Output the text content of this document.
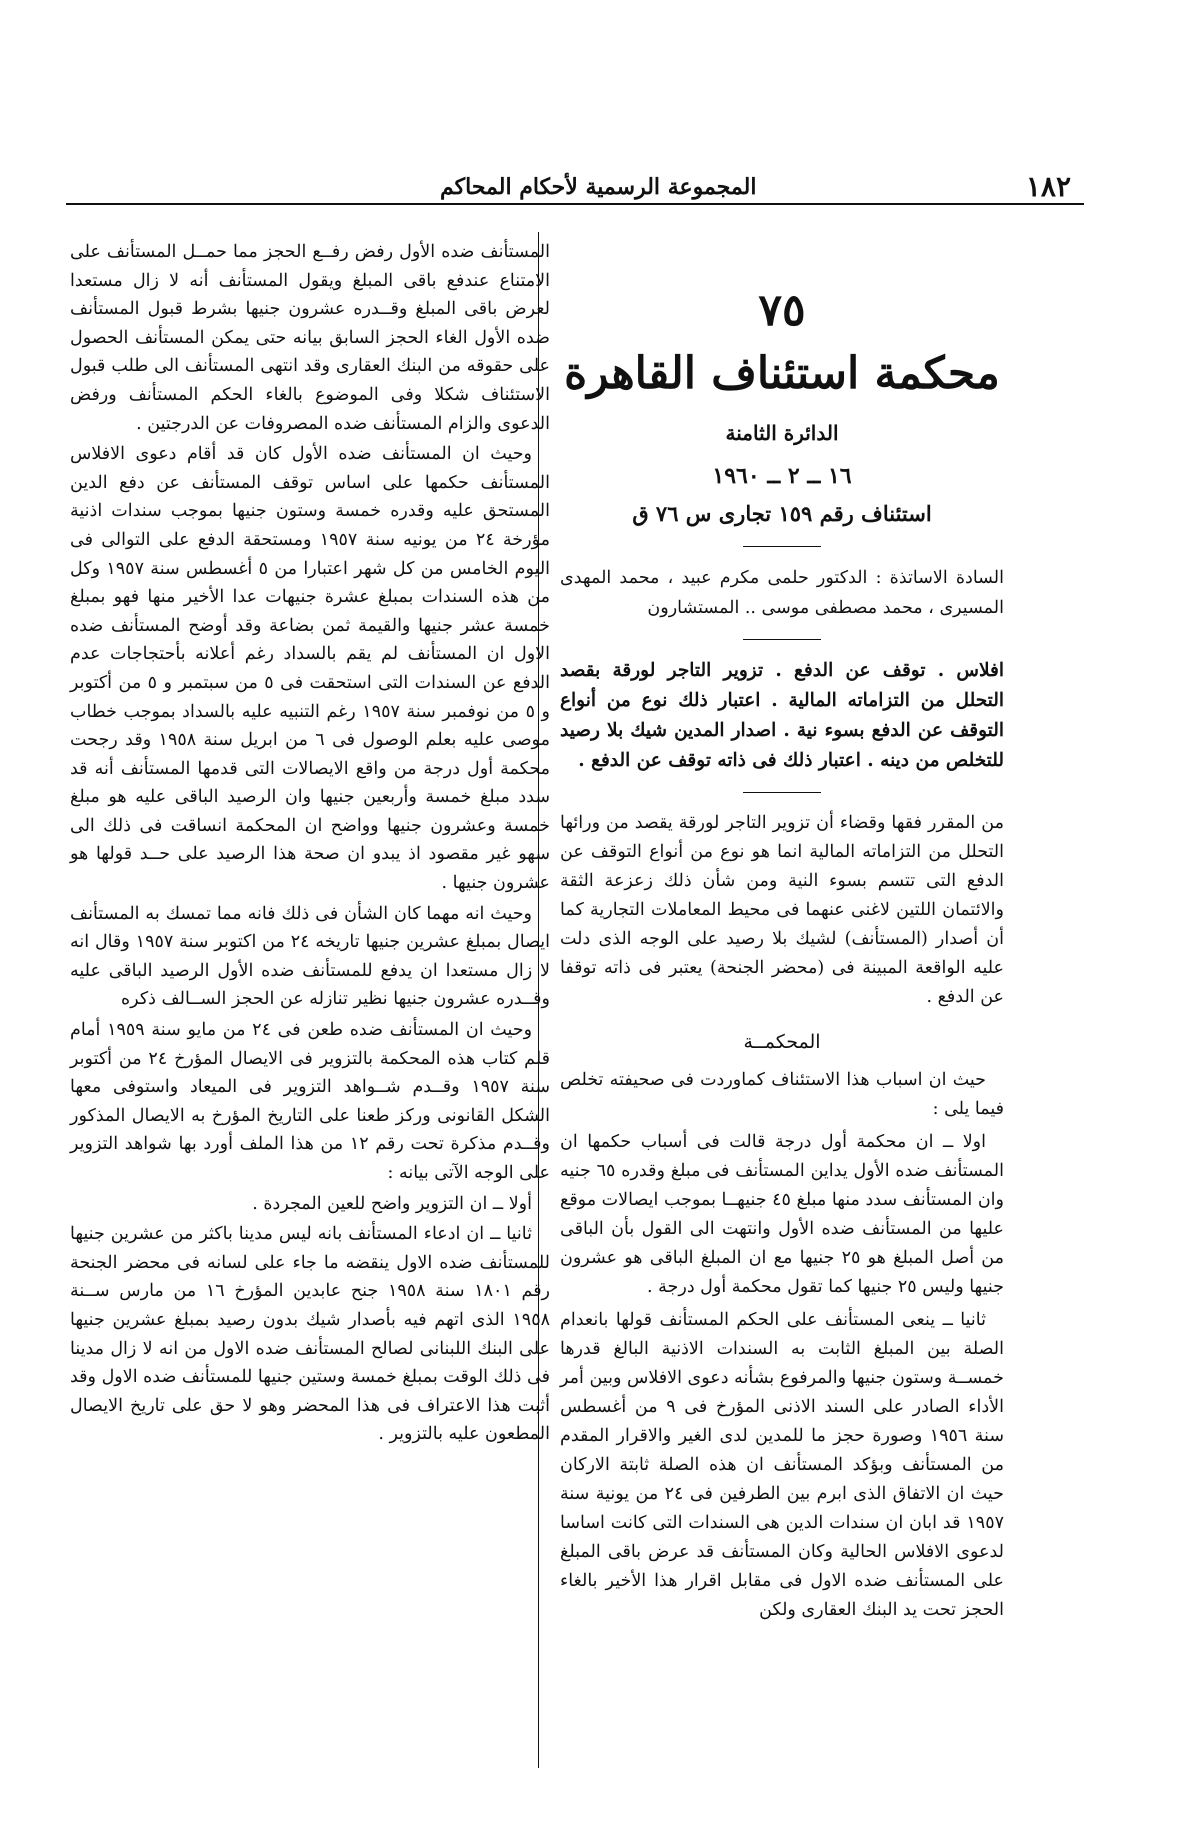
١٨٢
المجموعة الرسمية لأحكام المحاكم
٧٥
محكمة استئناف القاهرة
الدائرة الثامنة
١٦ ــ ٢ ــ ١٩٦٠
استئناف رقم ١٥٩ تجارى س ٧٦ ق
السادة الاساتذة : الدكتور حلمى مكرم عبيد ، محمد المهدى المسيرى ، محمد مصطفى موسى .. المستشارون
افلاس . توقف عن الدفع . تزوير التاجر لورقة بقصد التحلل من التزاماته المالية . اعتبار ذلك نوع من أنواع التوقف عن الدفع بسوء نية . اصدار المدين شيك بلا رصيد للتخلص من دينه . اعتبار ذلك فى ذاته توقف عن الدفع .
من المقرر فقها وقضاء أن تزوير التاجر لورقة يقصد من ورائها التحلل من التزاماته المالية انما هو نوع من أنواع التوقف عن الدفع التى تتسم بسوء النية ومن شأن ذلك زعزعة الثقة والائتمان اللتين لاغنى عنهما فى محيط المعاملات التجارية كما أن أصدار (المستأنف) لشيك بلا رصيد على الوجه الذى دلت عليه الواقعة المبينة فى (محضر الجنحة) يعتبر فى ذاته توقفا عن الدفع .
المحكمــة

حيث ان اسباب هذا الاستئناف كماوردت فى صحيفته تخلص فيما يلى :

اولا ــ ان محكمة أول درجة قالت فى أسباب حكمها ان المستأنف ضده الأول يداين المستأنف فى مبلغ وقدره ٦٥ جنيه وان المستأنف سدد منها مبلغ ٤٥ جنيهــا بموجب ايصالات موقع عليها من المستأنف ضده الأول وانتهت الى القول بأن الباقى من أصل المبلغ هو ٢٥ جنيها مع ان المبلغ الباقى هو عشرون جنيها وليس ٢٥ جنيها كما تقول محكمة أول درجة .

ثانيا ــ ينعى المستأنف على الحكم المستأنف قولها بانعدام الصلة بين المبلغ الثابت به السندات الاذنية البالغ قدرها خمســة وستون جنيها والمرفوع بشأنه دعوى الافلاس وبين أمر الأداء الصادر على السند الاذنى المؤرخ فى ٩ من أغسطس سنة ١٩٥٦ وصورة حجز ما للمدين لدى الغير والاقرار المقدم من المستأنف وبؤكد المستأنف ان هذه الصلة ثابتة الاركان حيث ان الاتفاق الذى ابرم بين الطرفين فى ٢٤ من يونية سنة ١٩٥٧ قد ابان ان سندات الدين هى السندات التى كانت اساسا لدعوى الافلاس الحالية وكان المستأنف قد عرض باقى المبلغ على المستأنف ضده الاول فى مقابل اقرار هذا الأخير بالغاء الحجز تحت يد البنك العقارى ولكن

المستأنف ضده الأول رفض رفــع الحجز مما حمــل المستأنف على الامتناع عندفع باقى المبلغ ويقول المستأنف أنه لا زال مستعدا لعرض باقى المبلغ وقــدره عشرون جنيها بشرط قبول المستأنف ضده الأول الغاء الحجز السابق بيانه حتى يمكن المستأنف الحصول على حقوقه من البنك العقارى وقد انتهى المستأنف الى طلب قبول الاستئناف شكلا وفى الموضوع بالغاء الحكم المستأنف ورفض الدعوى والزام المستأنف ضده المصروفات عن الدرجتين .

وحيث ان المستأنف ضده الأول كان قد أقام دعوى الافلاس المستأنف حكمها على اساس توقف المستأنف عن دفع الدين المستحق عليه وقدره خمسة وستون جنيها بموجب سندات اذنية مؤرخة ٢٤ من يونيه سنة ١٩٥٧ ومستحقة الدفع على التوالى فى اليوم الخامس من كل شهر اعتبارا من ٥ أغسطس سنة ١٩٥٧ وكل من هذه السندات بمبلغ عشرة جنيهات عدا الأخير منها فهو بمبلغ خمسة عشر جنيها والقيمة ثمن بضاعة وقد أوضح المستأنف ضده الاول ان المستأنف لم يقم بالسداد رغم أعلانه بأحتجاجات عدم الدفع عن السندات التى استحقت فى ٥ من سبتمبر و ٥ من أكتوبر و ٥ من نوفمبر سنة ١٩٥٧ رغم التنبيه عليه بالسداد بموجب خطاب موصى عليه بعلم الوصول فى ٦ من ابريل سنة ١٩٥٨ وقد رجحت محكمة أول درجة من واقع الايصالات التى قدمها المستأنف أنه قد سدد مبلغ خمسة وأربعين جنيها وان الرصيد الباقى عليه هو مبلغ خمسة وعشرون جنيها وواضح ان المحكمة انساقت فى ذلك الى سهو غير مقصود اذ يبدو ان صحة هذا الرصيد على حــد قولها هو عشرون جنيها .

وحيث انه مهما كان الشأن فى ذلك فانه مما تمسك به المستأنف ايصال بمبلغ عشرين جنيها تاريخه ٢٤ من اكتوبر سنة ١٩٥٧ وقال انه لا زال مستعدا ان يدفع للمستأنف ضده الأول الرصيد الباقى عليه وقــدره عشرون جنيها نظير تنازله عن الحجز الســالف ذكره

وحيث ان المستأنف ضده طعن فى ٢٤ من مايو سنة ١٩٥٩ أمام قلم كتاب هذه المحكمة بالتزوير فى الايصال المؤرخ ٢٤ من أكتوبر سنة ١٩٥٧ وقــدم شــواهد التزوير فى الميعاد واستوفى معها الشكل القانونى وركز طعنا على التاريخ المؤرخ به الايصال المذكور وقــدم مذكرة تحت رقم ١٢ من هذا الملف أورد بها شواهد التزوير على الوجه الآتى بيانه :

أولا ــ ان التزوير واضح للعين المجردة .

ثانيا ــ ان ادعاء المستأنف بانه ليس مدينا باكثر من عشرين جنيها للمستأنف ضده الاول ينقضه ما جاء على لسانه فى محضر الجنحة رقم ١٨٠١ سنة ١٩٥٨ جنح عابدين المؤرخ ١٦ من مارس ســنة ١٩٥٨ الذى اتهم فيه بأصدار شيك بدون رصيد بمبلغ عشرين جنيها على البنك اللبنانى لصالح المستأنف ضده الاول من انه لا زال مدينا فى ذلك الوقت بمبلغ خمسة وستين جنيها للمستأنف ضده الاول وقد أثبت هذا الاعتراف فى هذا المحضر وهو لا حق على تاريخ الايصال المطعون عليه بالتزوير .
